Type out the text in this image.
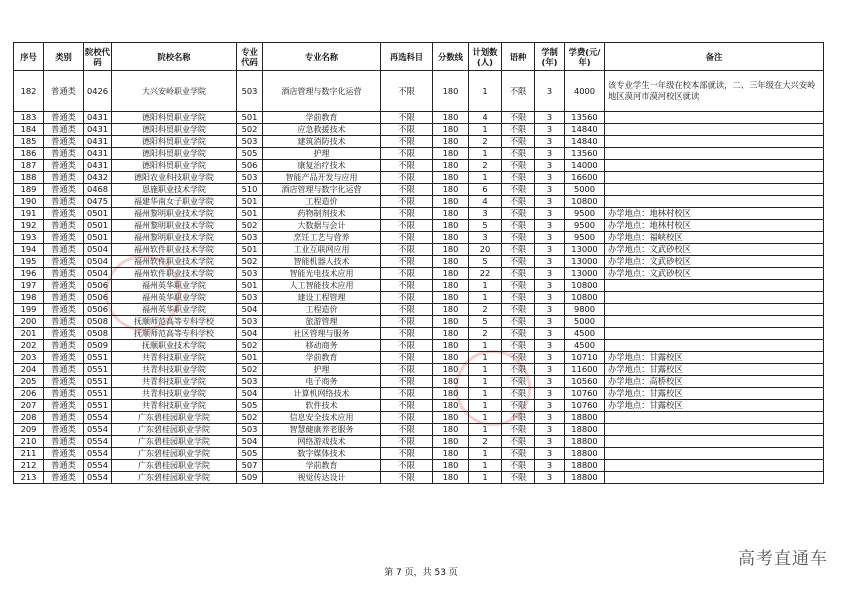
序号	类别	院校代码	院校名称	专业代码	专业名称	再选科目	分数线	计划数(人)	语种	学制(年)	学费(元/年)	备注
182	普通类	0426	大兴安岭职业学院	503	酒店管理与数字化运营	不限	180	1	不限	3	4000	该专业学生一年级在校本部就读，二、三年级在大兴安岭地区漠河市漠河校区就读
183	普通类	0431	德阳科贸职业学院	501	学前教育	不限	180	4	不限	3	13560	
184	普通类	0431	德阳科贸职业学院	502	应急救援技术	不限	180	1	不限	3	14840	
185	普通类	0431	德阳科贸职业学院	503	建筑消防技术	不限	180	2	不限	3	14840	
186	普通类	0431	德阳科贸职业学院	505	护理	不限	180	1	不限	3	13560	
187	普通类	0431	德阳科贸职业学院	506	康复治疗技术	不限	180	2	不限	3	14000	
188	普通类	0432	德阳农业科技职业学院	503	智能产品开发与应用	不限	180	1	不限	3	16600	
189	普通类	0468	恩施职业技术学院	510	酒店管理与数字化运营	不限	180	6	不限	3	5000	
190	普通类	0475	福建华南女子职业学院	501	工程造价	不限	180	4	不限	3	10800	
191	普通类	0501	福州黎明职业技术学院	501	药物制剂技术	不限	180	3	不限	3	9500	办学地点：地林村校区
192	普通类	0501	福州黎明职业技术学院	502	大数据与会计	不限	180	5	不限	3	9500	办学地点：地林村校区
193	普通类	0501	福州黎明职业技术学院	503	烹饪工艺与营养	不限	180	3	不限	3	9500	办学地点：福峡校区
194	普通类	0504	福州软件职业技术学院	501	工业互联网应用	不限	180	20	不限	3	13000	办学地点：文武砂校区
195	普通类	0504	福州软件职业技术学院	502	智能机器人技术	不限	180	5	不限	3	13000	办学地点：文武砂校区
196	普通类	0504	福州软件职业技术学院	503	智能光电技术应用	不限	180	22	不限	3	13000	办学地点：文武砂校区
197	普通类	0506	福州英华职业学院	501	人工智能技术应用	不限	180	1	不限	3	10800	
198	普通类	0506	福州英华职业学院	503	建设工程管理	不限	180	1	不限	3	10800	
199	普通类	0506	福州英华职业学院	504	工程造价	不限	180	2	不限	3	9800	
200	普通类	0508	抚顺师范高等专科学校	503	旅游管理	不限	180	5	不限	3	5000	
201	普通类	0508	抚顺师范高等专科学校	504	社区管理与服务	不限	180	2	不限	3	4500	
202	普通类	0509	抚顺职业技术学院	502	移动商务	不限	180	1	不限	3	4500	
203	普通类	0551	共青科技职业学院	501	学前教育	不限	180	1	不限	3	10710	办学地点：甘露校区
204	普通类	0551	共青科技职业学院	502	护理	不限	180	1	不限	3	11600	办学地点：甘露校区
205	普通类	0551	共青科技职业学院	503	电子商务	不限	180	1	不限	3	10560	办学地点：高桥校区
206	普通类	0551	共青科技职业学院	504	计算机网络技术	不限	180	1	不限	3	10760	办学地点：甘露校区
207	普通类	0551	共青科技职业学院	505	软件技术	不限	180	1	不限	3	10760	办学地点：甘露校区
208	普通类	0554	广东碧桂园职业学院	502	信息安全技术应用	不限	180	1	不限	3	18800	
209	普通类	0554	广东碧桂园职业学院	503	智慧健康养老服务	不限	180	1	不限	3	18800	
210	普通类	0554	广东碧桂园职业学院	504	网络游戏技术	不限	180	2	不限	3	18800	
211	普通类	0554	广东碧桂园职业学院	505	数字媒体技术	不限	180	1	不限	3	18800	
212	普通类	0554	广东碧桂园职业学院	507	学前教育	不限	180	1	不限	3	18800	
213	普通类	0554	广东碧桂园职业学院	509	视觉传达设计	不限	180	1	不限	3	18800	
第 7 页，共 53 页
高考直通车
